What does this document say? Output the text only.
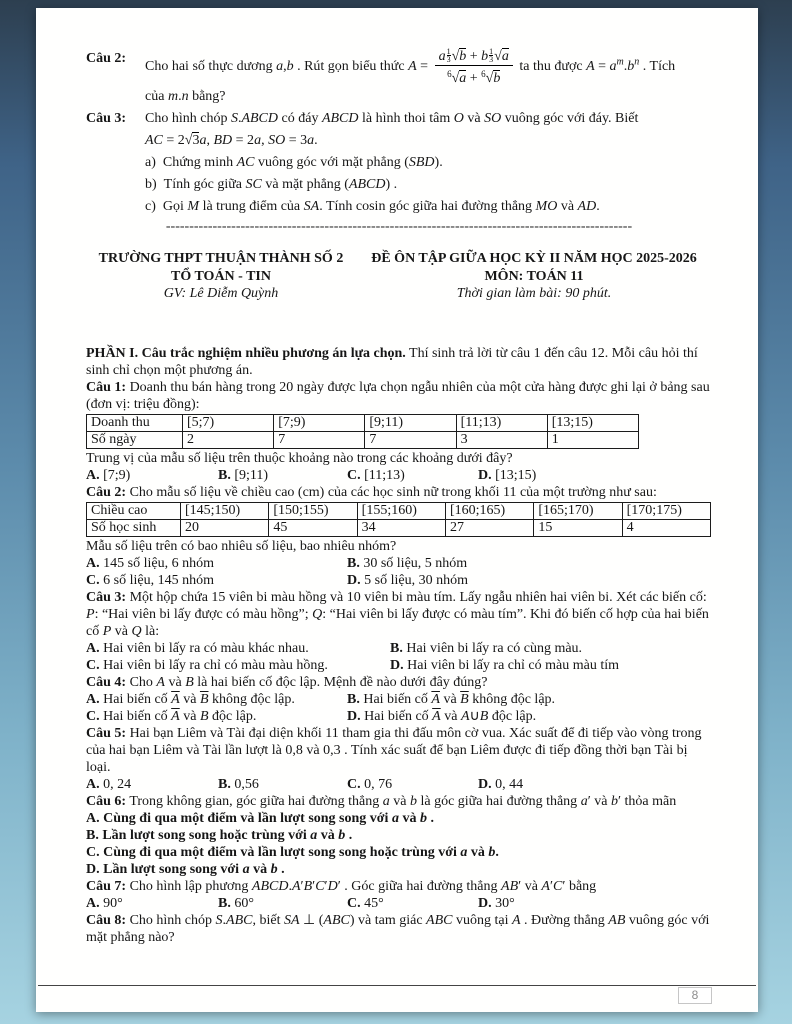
Câu 2:
Cho hai số thực dương a,b . Rút gọn biểu thức $A = \frac{a \frac{1}{3} √b + b \frac{1}{3} √a}{^6√a + ^6√b}$ ta thu được $A = a^m.b^n$ . Tích
của m.n bằng?
Câu 3:	Cho hình chóp S.ABCD có đáy ABCD là hình thoi tâm O và SO vuông góc với đáy. Biết
AC = 2√3a, BD = 2a, SO = 3a.
a)  Chứng minh AC vuông góc với mặt phẳng (SBD).
b)  Tính góc giữa SC và mặt phẳng (ABCD) .
c)  Gọi M là trung điểm của SA. Tính cosin góc giữa hai đường thẳng MO và AD.
----------------------------------------------------------------------------------------------------
TRƯỜNG THPT THUẬN THÀNH SỐ 2
TỔ TOÁN - TIN
GV: Lê Diễm Quỳnh
ĐỀ ÔN TẬP GIỮA HỌC KỲ II NĂM HỌC 2025-2026
MÔN: TOÁN 11
Thời gian làm bài: 90 phút.

PHẦN I. Câu trắc nghiệm nhiều phương án lựa chọn. Thí sinh trả lời từ câu 1 đến câu 12. Mỗi câu hỏi thí sinh chỉ chọn một phương án.

Câu 1: Doanh thu bán hàng trong 20 ngày được lựa chọn ngẫu nhiên của một cửa hàng được ghi lại ở bảng sau (đơn vị: triệu đồng):

Doanh thu	[5;7)	[7;9)	[9;11)	[11;13)	[13;15)
Số ngày	2	7	7	3	1

Trung vị của mẫu số liệu trên thuộc khoảng nào trong các khoảng dưới đây?

A. [7;9)	B. [9;11)	C. [11;13)	D. [13;15)

Câu 2: Cho mẫu số liệu về chiều cao (cm) của các học sinh nữ trong khối 11 của một trường như sau:

Chiều cao	[145;150)	[150;155)	[155;160)	[160;165)	[165;170)	[170;175)
Số học sinh	20	45	34	27	15	4

Mẫu số liệu trên có bao nhiêu số liệu, bao nhiêu nhóm?

A. 145 số liệu, 6 nhóm	B. 30 số liệu, 5 nhóm
C. 6 số liệu, 145 nhóm	D. 5 số liệu, 30 nhóm

Câu 3: Một hộp chứa 15 viên bi màu hồng và 10 viên bi màu tím. Lấy ngẫu nhiên hai viên bi. Xét các biến cố: P: “Hai viên bi lấy được có màu hồng”; Q: “Hai viên bi lấy được có màu tím”. Khi đó biến cố hợp của hai biến cố P và Q là:

A. Hai viên bi lấy ra có màu khác nhau.	B. Hai viên bi lấy ra có cùng màu.
C. Hai viên bi lấy ra chỉ có màu màu hồng.	D. Hai viên bi lấy ra chỉ có màu màu tím

Câu 4: Cho A và B là hai biến cố độc lập. Mệnh đề nào dưới đây đúng?

A. Hai biến cố $\overline{A}$ và $\overline{B}$ không độc lập.	B. Hai biến cố $\overline{A}$ và $\overline{B}$ không độc lập.
C. Hai biến cố $\overline{A}$ và B độc lập.	D. Hai biến cố $\overline{A}$ và A∪B độc lập.

Câu 5: Hai bạn Liêm và Tài đại diện khối 11 tham gia thi đấu môn cờ vua. Xác suất để đi tiếp vào vòng trong của hai bạn Liêm và Tài lần lượt là 0,8 và 0,3 . Tính xác suất để bạn Liêm được đi tiếp đồng thời bạn Tài bị loại.

A. 0, 24	B. 0,56	C. 0, 76	D. 0, 44

Câu 6: Trong không gian, góc giữa hai đường thẳng a và b là góc giữa hai đường thẳng a′ và b′ thỏa mãn

A. Cùng đi qua một điểm và lần lượt song song với a và b .
B. Lần lượt song song hoặc trùng với a và b .
C. Cùng đi qua một điểm và lần lượt song song hoặc trùng với a và b.
D. Lần lượt song song với a và b .

Câu 7: Cho hình lập phương ABCD.A′B′C′D′ . Góc giữa hai đường thẳng AB′ và A′C′ bằng

A. 90°	B. 60°	C. 45°	D. 30°

Câu 8: Cho hình chóp S.ABC, biết SA ⊥ (ABC) và tam giác ABC vuông tại A . Đường thẳng AB vuông góc với mặt phẳng nào?

8
